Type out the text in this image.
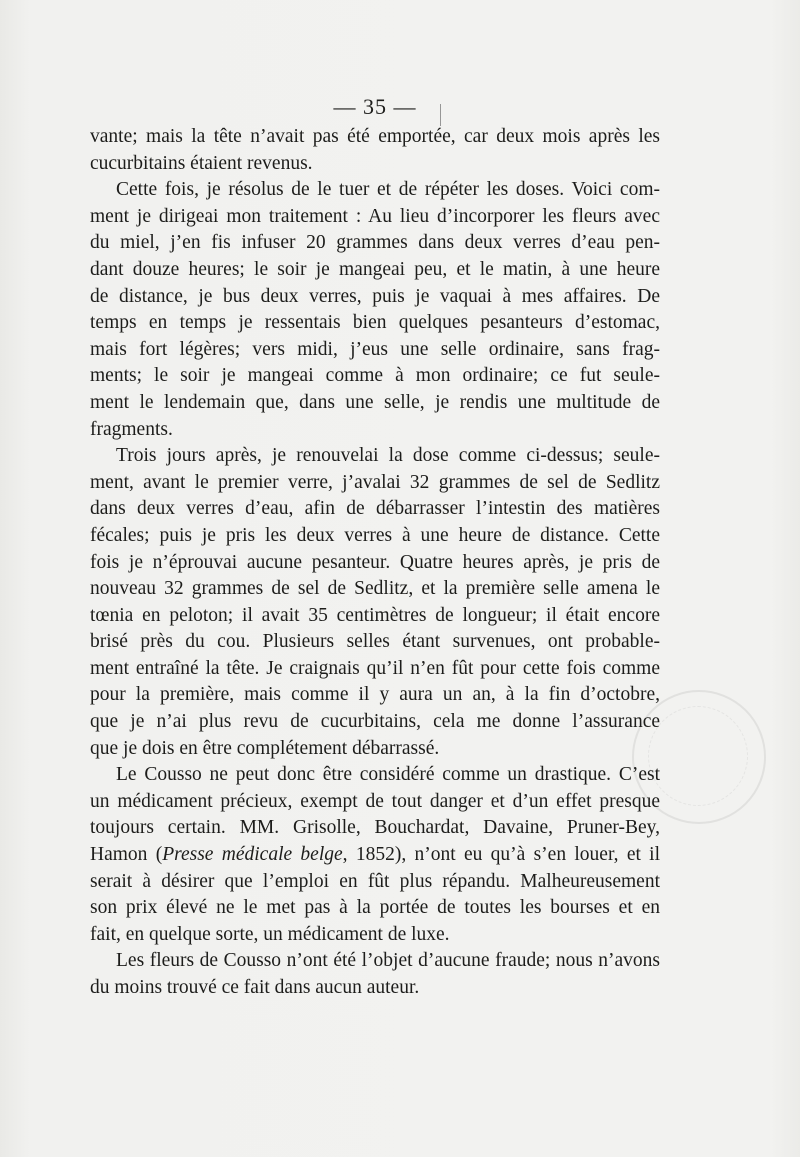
— 35 —

vante; mais la tête n’avait pas été emportée, car deux mois après les
cucurbitains étaient revenus.

Cette fois, je résolus de le tuer et de répéter les doses. Voici com-
ment je dirigeai mon traitement : Au lieu d’incorporer les fleurs avec
du miel, j’en fis infuser 20 grammes dans deux verres d’eau pen-
dant douze heures; le soir je mangeai peu, et le matin, à une heure
de distance, je bus deux verres, puis je vaquai à mes affaires. De
temps en temps je ressentais bien quelques pesanteurs d’estomac,
mais fort légères; vers midi, j’eus une selle ordinaire, sans frag-
ments; le soir je mangeai comme à mon ordinaire; ce fut seule-
ment le lendemain que, dans une selle, je rendis une multitude de
fragments.

Trois jours après, je renouvelai la dose comme ci-dessus; seule-
ment, avant le premier verre, j’avalai 32 grammes de sel de Sedlitz
dans deux verres d’eau, afin de débarrasser l’intestin des matières
fécales; puis je pris les deux verres à une heure de distance. Cette
fois je n’éprouvai aucune pesanteur. Quatre heures après, je pris de
nouveau 32 grammes de sel de Sedlitz, et la première selle amena le
tœnia en peloton; il avait 35 centimètres de longueur; il était encore
brisé près du cou. Plusieurs selles étant survenues, ont probable-
ment entraîné la tête. Je craignais qu’il n’en fût pour cette fois comme
pour la première, mais comme il y aura un an, à la fin d’octobre,
que je n’ai plus revu de cucurbitains, cela me donne l’assurance
que je dois en être complétement débarrassé.

Le Cousso ne peut donc être considéré comme un drastique. C’est
un médicament précieux, exempt de tout danger et d’un effet presque
toujours certain. MM. Grisolle, Bouchardat, Davaine, Pruner-Bey,
Hamon (Presse médicale belge, 1852), n’ont eu qu’à s’en louer, et il
serait à désirer que l’emploi en fût plus répandu. Malheureusement
son prix élevé ne le met pas à la portée de toutes les bourses et en
fait, en quelque sorte, un médicament de luxe.

Les fleurs de Cousso n’ont été l’objet d’aucune fraude; nous n’avons
du moins trouvé ce fait dans aucun auteur.
